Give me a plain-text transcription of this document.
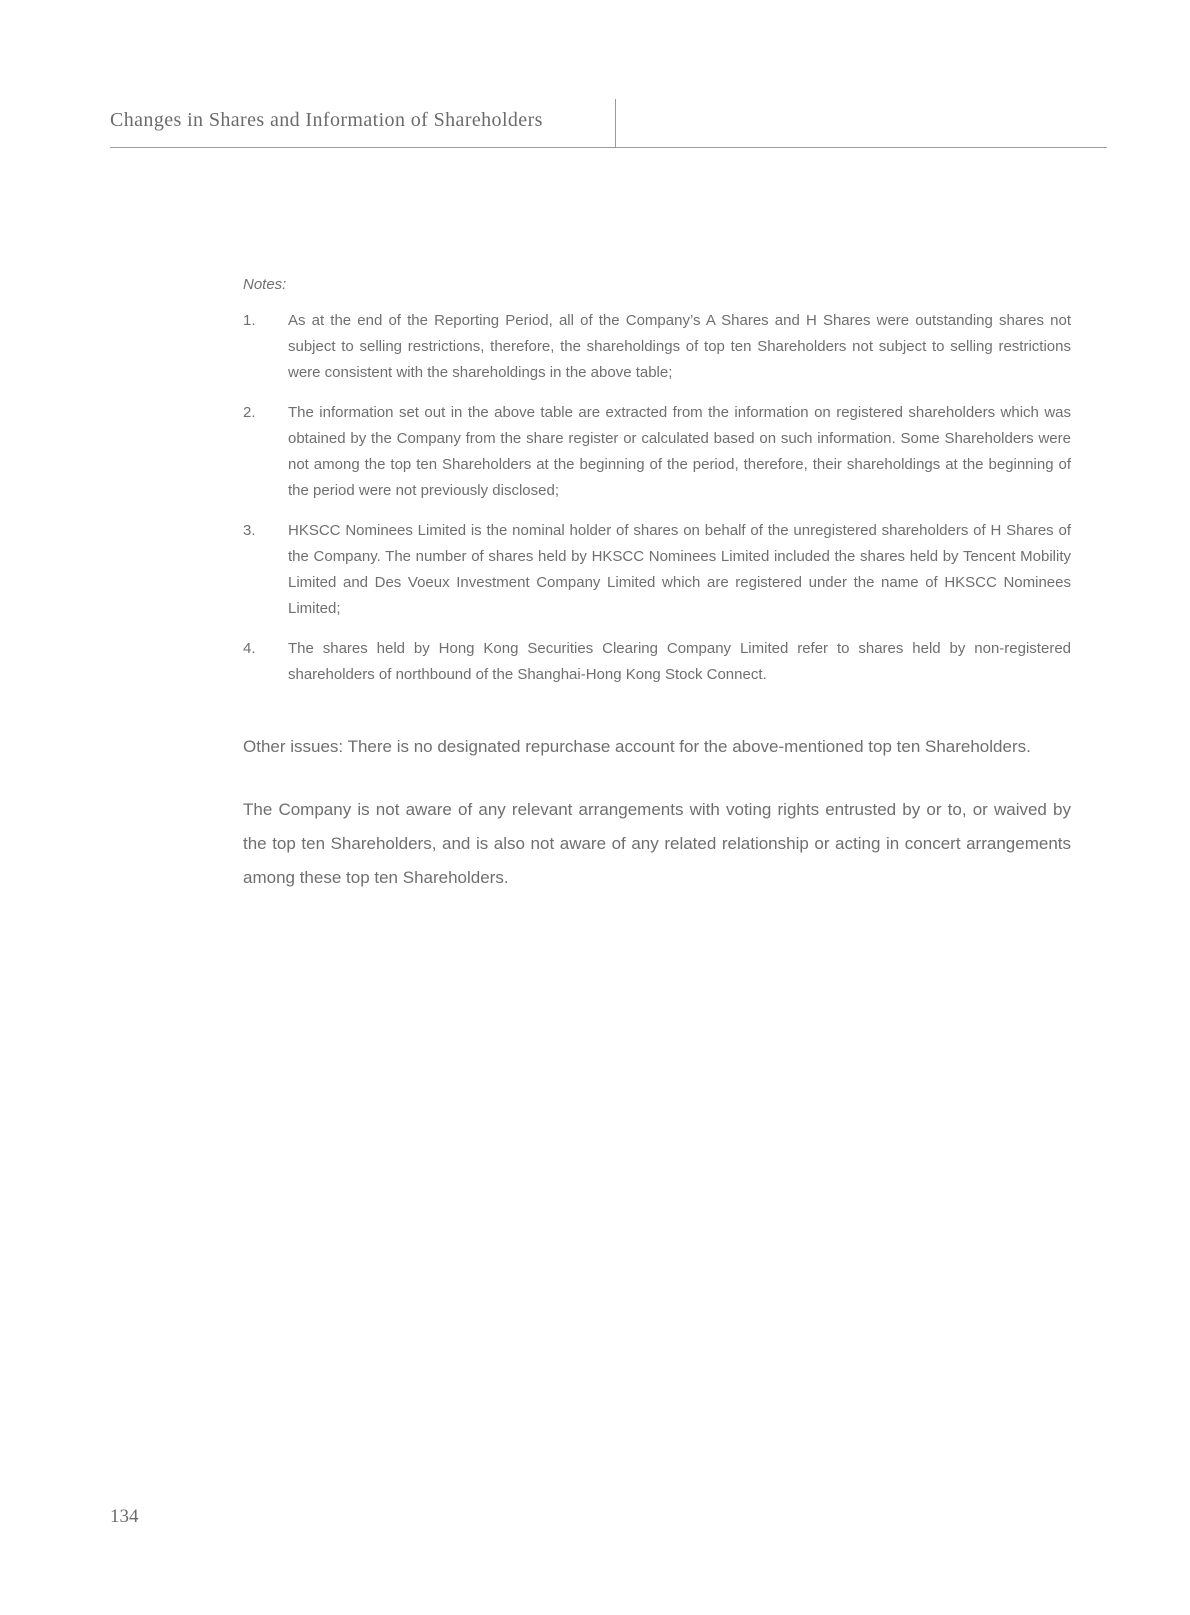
Changes in Shares and Information of Shareholders

Notes:

1.	As at the end of the Reporting Period, all of the Company’s A Shares and H Shares were outstanding shares not subject to selling restrictions, therefore, the shareholdings of top ten Shareholders not subject to selling restrictions were consistent with the shareholdings in the above table;
2.	The information set out in the above table are extracted from the information on registered shareholders which was obtained by the Company from the share register or calculated based on such information. Some Shareholders were not among the top ten Shareholders at the beginning of the period, therefore, their shareholdings at the beginning of the period were not previously disclosed;
3.	HKSCC Nominees Limited is the nominal holder of shares on behalf of the unregistered shareholders of H Shares of the Company. The number of shares held by HKSCC Nominees Limited included the shares held by Tencent Mobility Limited and Des Voeux Investment Company Limited which are registered under the name of HKSCC Nominees Limited;
4.	The shares held by Hong Kong Securities Clearing Company Limited refer to shares held by non-registered shareholders of northbound of the Shanghai-Hong Kong Stock Connect.

Other issues: There is no designated repurchase account for the above-mentioned top ten Shareholders.

The Company is not aware of any relevant arrangements with voting rights entrusted by or to, or waived by the top ten Shareholders, and is also not aware of any related relationship or acting in concert arrangements among these top ten Shareholders.

134
